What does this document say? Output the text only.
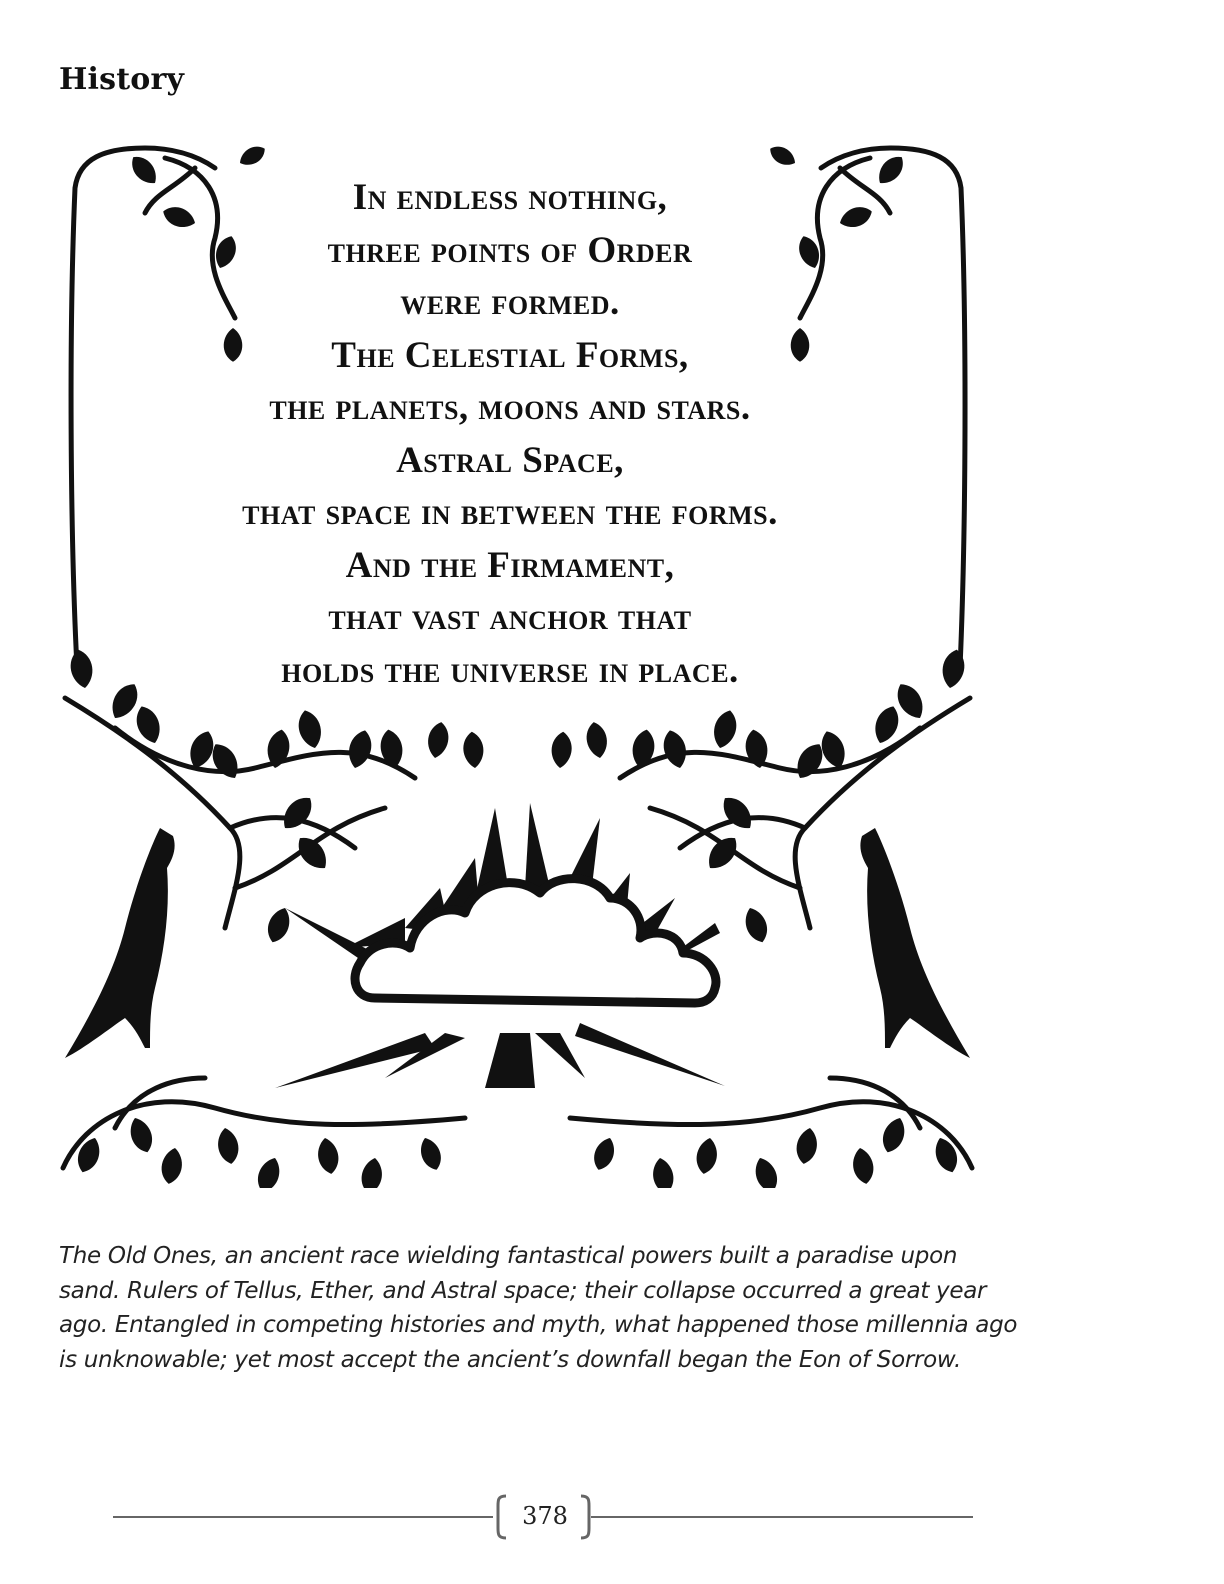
History
In endless nothing,
three points of Order
were formed.
The Celestial Forms,
the planets, moons and stars.
Astral Space,
that space in between the forms.
And the Firmament,
that vast anchor that
holds the universe in place.

The Old Ones, an ancient race wielding fantastical powers built a paradise upon sand. Rulers of Tellus, Ether, and Astral space; their collapse occurred a great year ago. Entangled in competing histories and myth, what happened those millennia ago is unknowable; yet most accept the ancient’s downfall began the Eon of Sorrow.

378
